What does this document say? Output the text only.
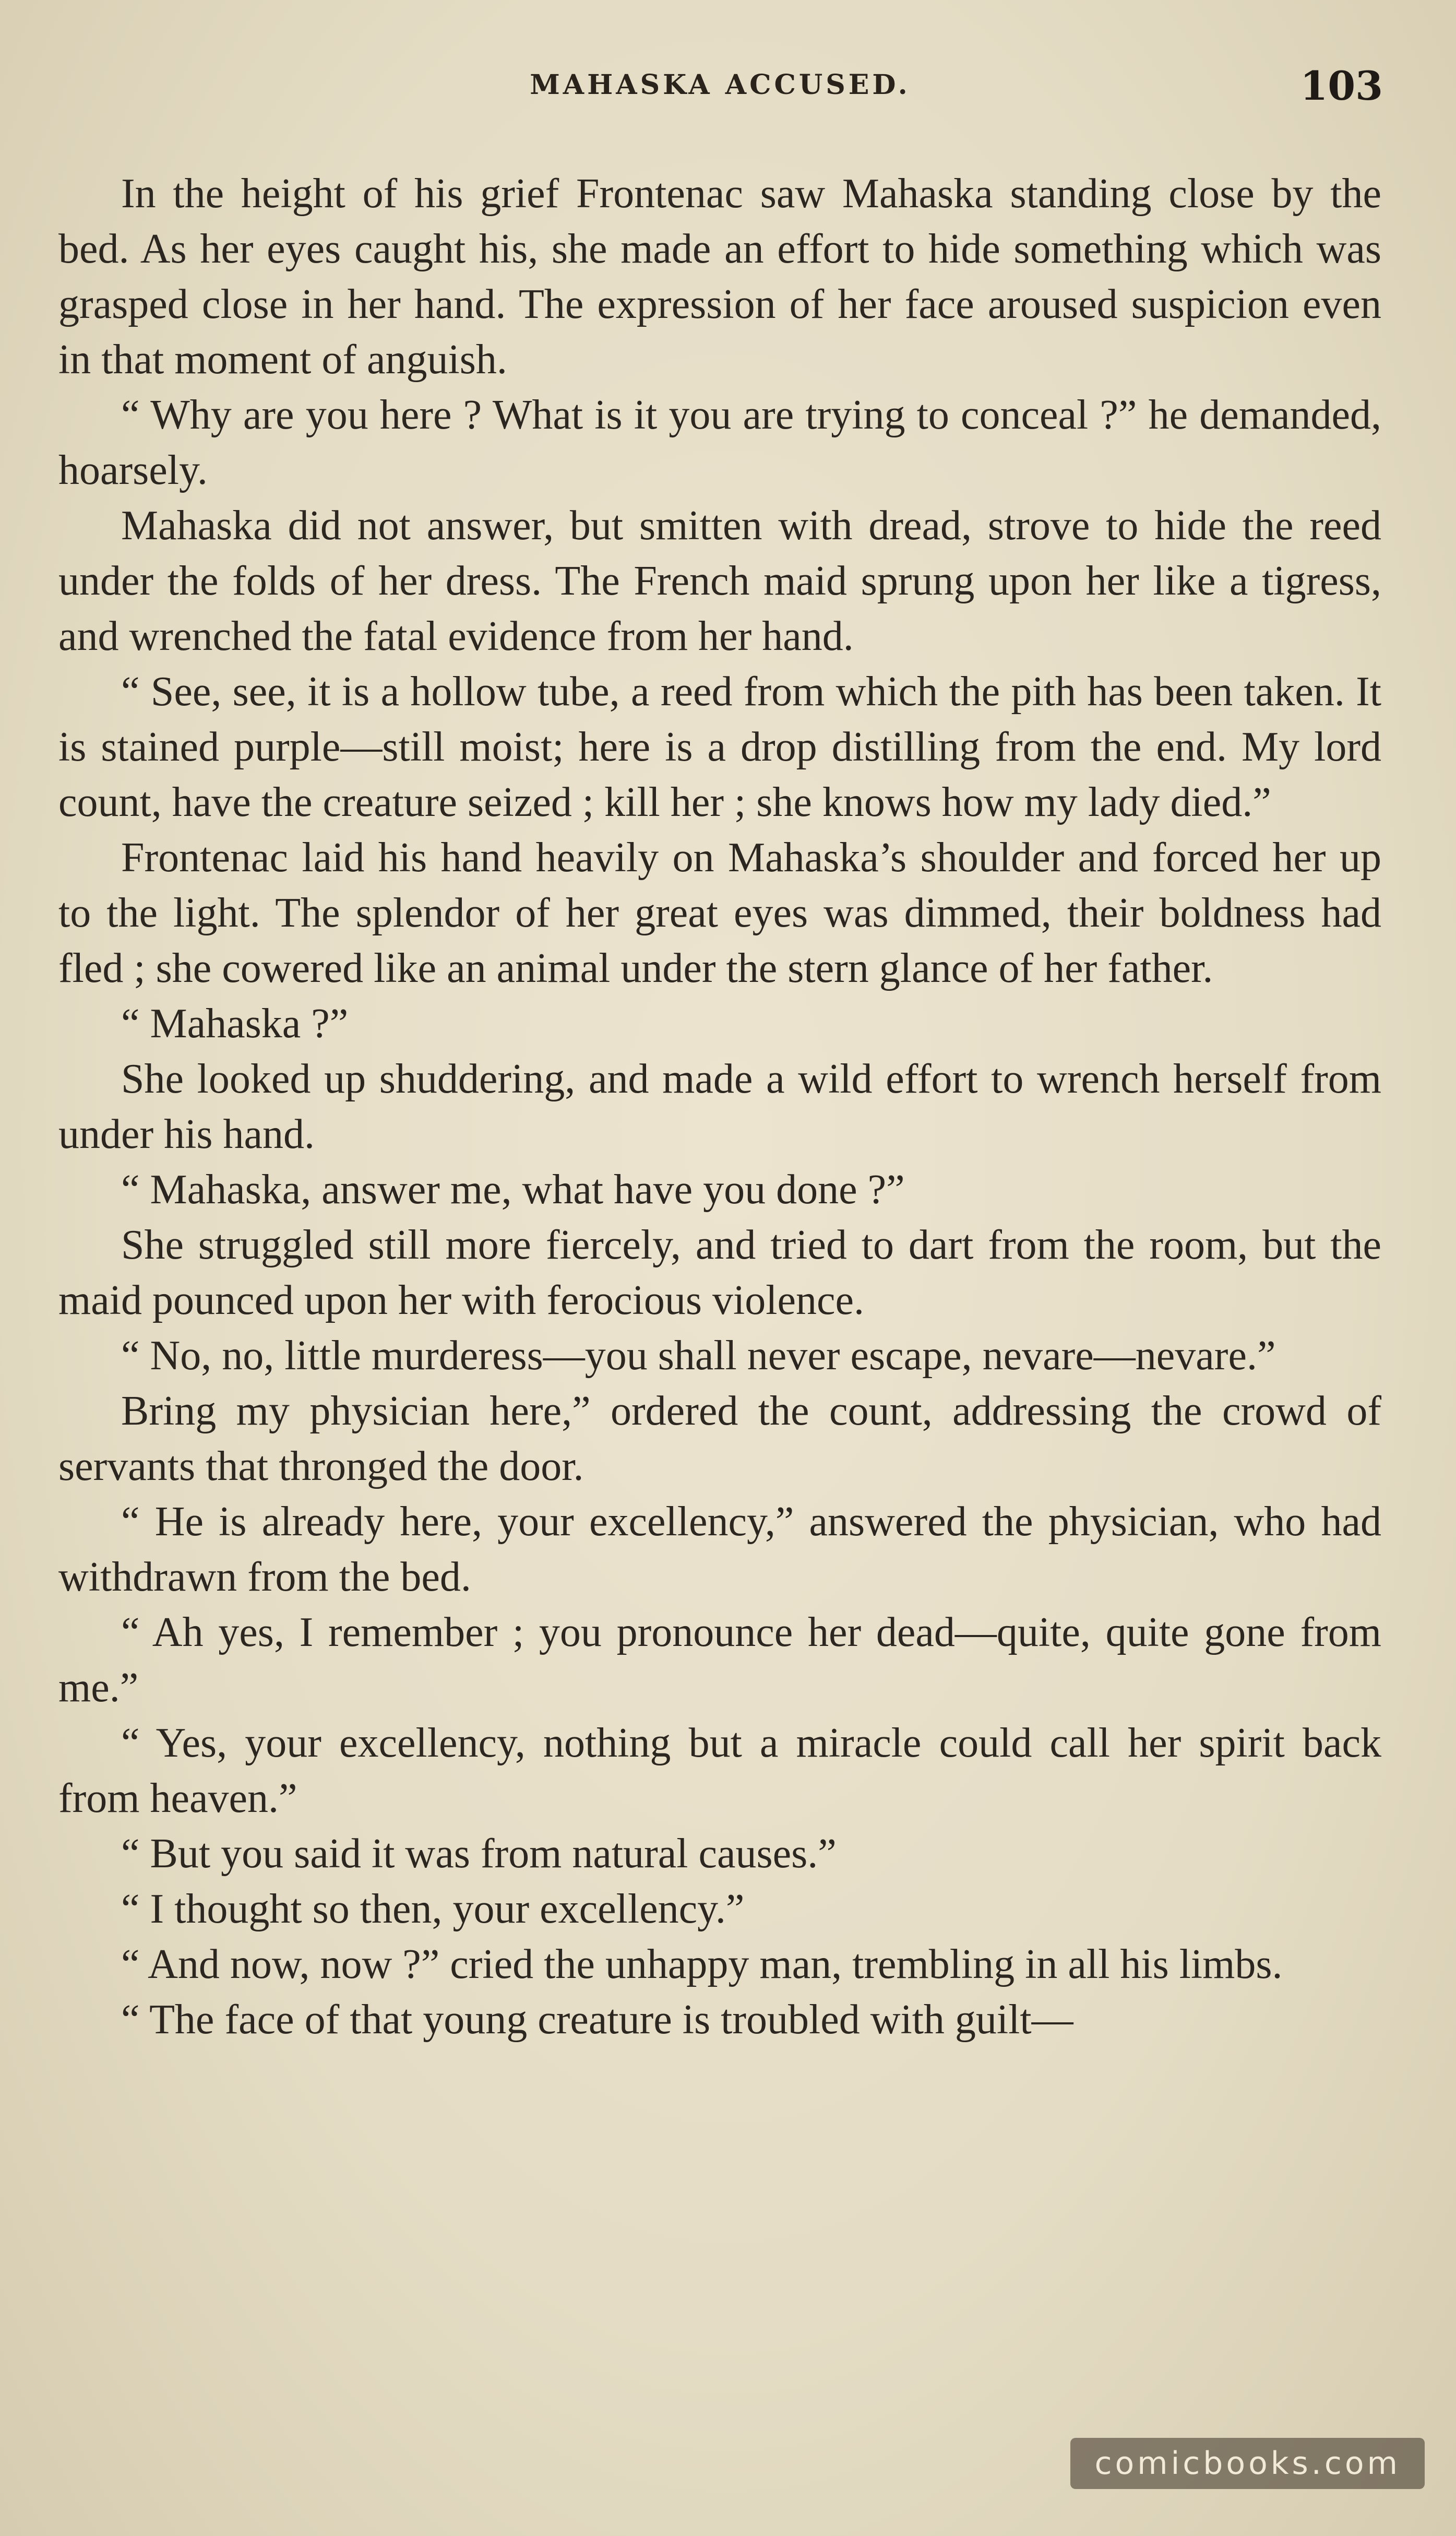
MAHASKA ACCUSED.	103

In the height of his grief Frontenac saw Mahaska standing close by the bed. As her eyes caught his, she made an effort to hide something which was grasped close in her hand. The expression of her face aroused suspicion even in that moment of anguish.

“ Why are you here ? What is it you are trying to conceal ?” he demanded, hoarsely.

Mahaska did not answer, but smitten with dread, strove to hide the reed under the folds of her dress. The French maid sprung upon her like a tigress, and wrenched the fatal evidence from her hand.

“ See, see, it is a hollow tube, a reed from which the pith has been taken. It is stained purple—still moist; here is a drop distilling from the end. My lord count, have the creature seized ; kill her ; she knows how my lady died.”

Frontenac laid his hand heavily on Mahaska’s shoulder and forced her up to the light. The splendor of her great eyes was dimmed, their boldness had fled ; she cowered like an animal under the stern glance of her father.

“ Mahaska ?”

She looked up shuddering, and made a wild effort to wrench herself from under his hand.

“ Mahaska, answer me, what have you done ?”

She struggled still more fiercely, and tried to dart from the room, but the maid pounced upon her with ferocious violence.

“ No, no, little murderess—you shall never escape, nevare—nevare.”

Bring my physician here,” ordered the count, addressing the crowd of servants that thronged the door.

“ He is already here, your excellency,” answered the physician, who had withdrawn from the bed.

“ Ah yes, I remember ; you pronounce her dead—quite, quite gone from me.”

“ Yes, your excellency, nothing but a miracle could call her spirit back from heaven.”

“ But you said it was from natural causes.”

“ I thought so then, your excellency.”

“ And now, now ?” cried the unhappy man, trembling in all his limbs.

“ The face of that young creature is troubled with guilt—

comicbooks.com
